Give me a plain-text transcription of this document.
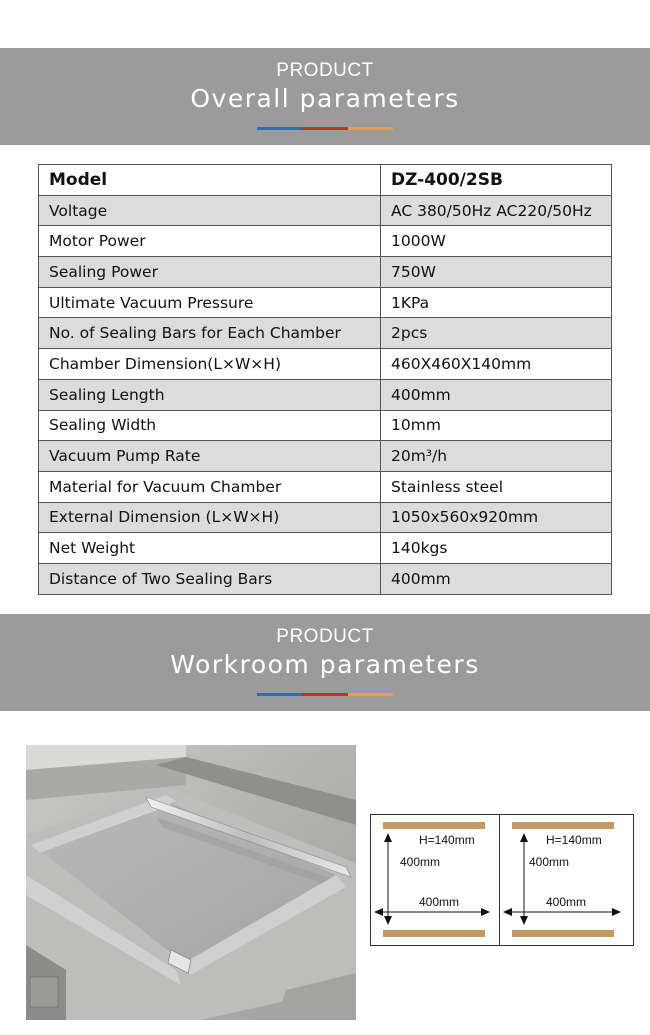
PRODUCT
Overall parameters
Model	DZ-400/2SB
Voltage	AC 380/50Hz AC220/50Hz
Motor Power	1000W
Sealing Power	750W
Ultimate Vacuum Pressure	1KPa
No. of Sealing Bars for Each Chamber	2pcs
Chamber Dimension(L×W×H)	460X460X140mm
Sealing Length	400mm
Sealing Width	10mm
Vacuum Pump Rate	20m³/h
Material for Vacuum Chamber	Stainless steel
External Dimension (L×W×H)	1050x560x920mm
Net Weight	140kgs
Distance of Two Sealing Bars	400mm
PRODUCT
Workroom parameters
H=140mm
400mm
400mm
H=140mm
400mm
400mm
